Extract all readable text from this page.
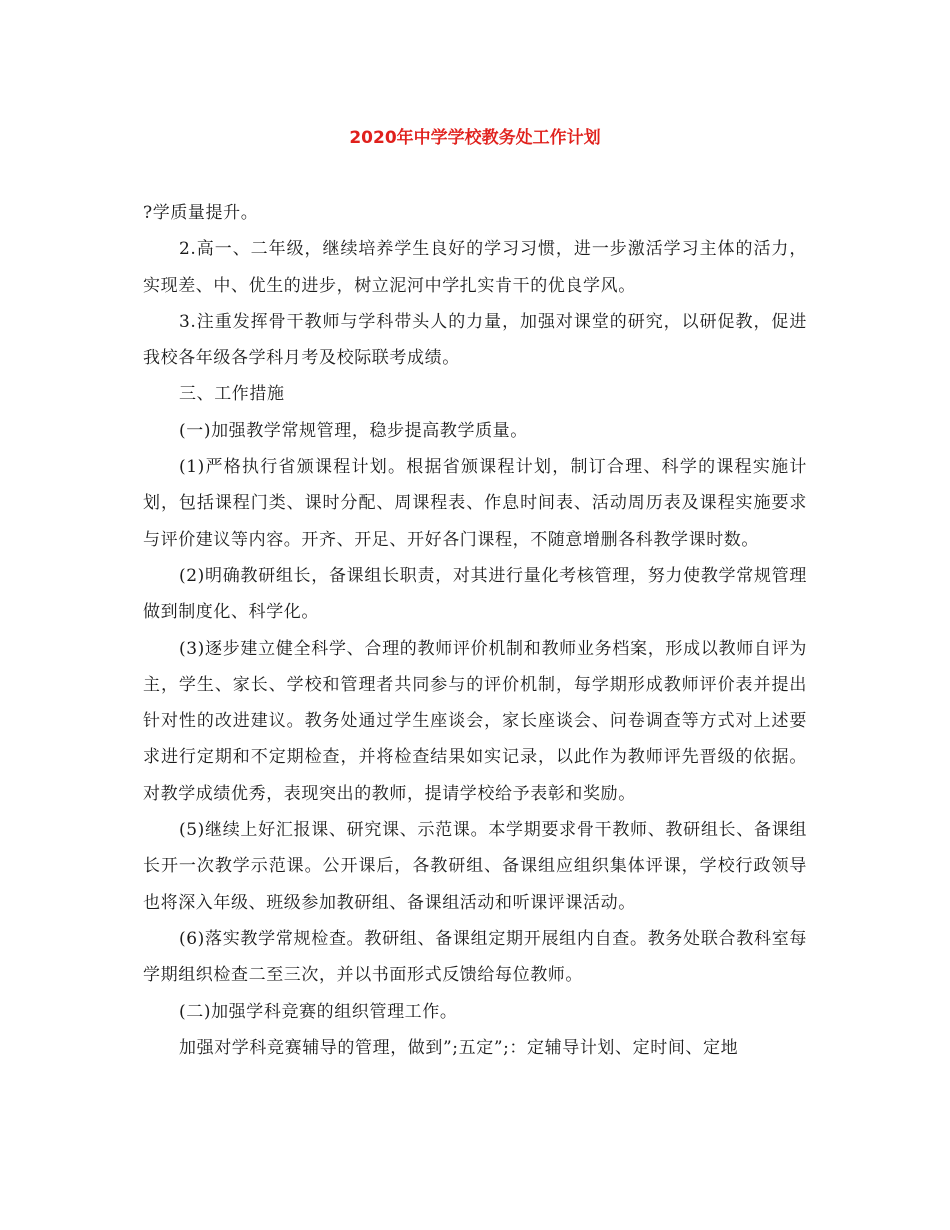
2020年中学学校教务处工作计划

?学质量提升。

2.高一、二年级，继续培养学生良好的学习习惯，进一步激活学习主体的活力，实现差、中、优生的进步，树立泥河中学扎实肯干的优良学风。

3.注重发挥骨干教师与学科带头人的力量，加强对课堂的研究，以研促教，促进我校各年级各学科月考及校际联考成绩。

三、工作措施

(一)加强教学常规管理，稳步提高教学质量。

(1)严格执行省颁课程计划。根据省颁课程计划，制订合理、科学的课程实施计划，包括课程门类、课时分配、周课程表、作息时间表、活动周历表及课程实施要求与评价建议等内容。开齐、开足、开好各门课程，不随意增删各科教学课时数。

(2)明确教研组长，备课组长职责，对其进行量化考核管理，努力使教学常规管理做到制度化、科学化。

(3)逐步建立健全科学、合理的教师评价机制和教师业务档案，形成以教师自评为主，学生、家长、学校和管理者共同参与的评价机制，每学期形成教师评价表并提出针对性的改进建议。教务处通过学生座谈会，家长座谈会、问卷调查等方式对上述要求进行定期和不定期检查，并将检查结果如实记录，以此作为教师评先晋级的依据。对教学成绩优秀，表现突出的教师，提请学校给予表彰和奖励。

(5)继续上好汇报课、研究课、示范课。本学期要求骨干教师、教研组长、备课组长开一次教学示范课。公开课后，各教研组、备课组应组织集体评课，学校行政领导也将深入年级、班级参加教研组、备课组活动和听课评课活动。

(6)落实教学常规检查。教研组、备课组定期开展组内自查。教务处联合教科室每学期组织检查二至三次，并以书面形式反馈给每位教师。

(二)加强学科竞赛的组织管理工作。

加强对学科竞赛辅导的管理，做到”;五定”;：定辅导计划、定时间、定地
